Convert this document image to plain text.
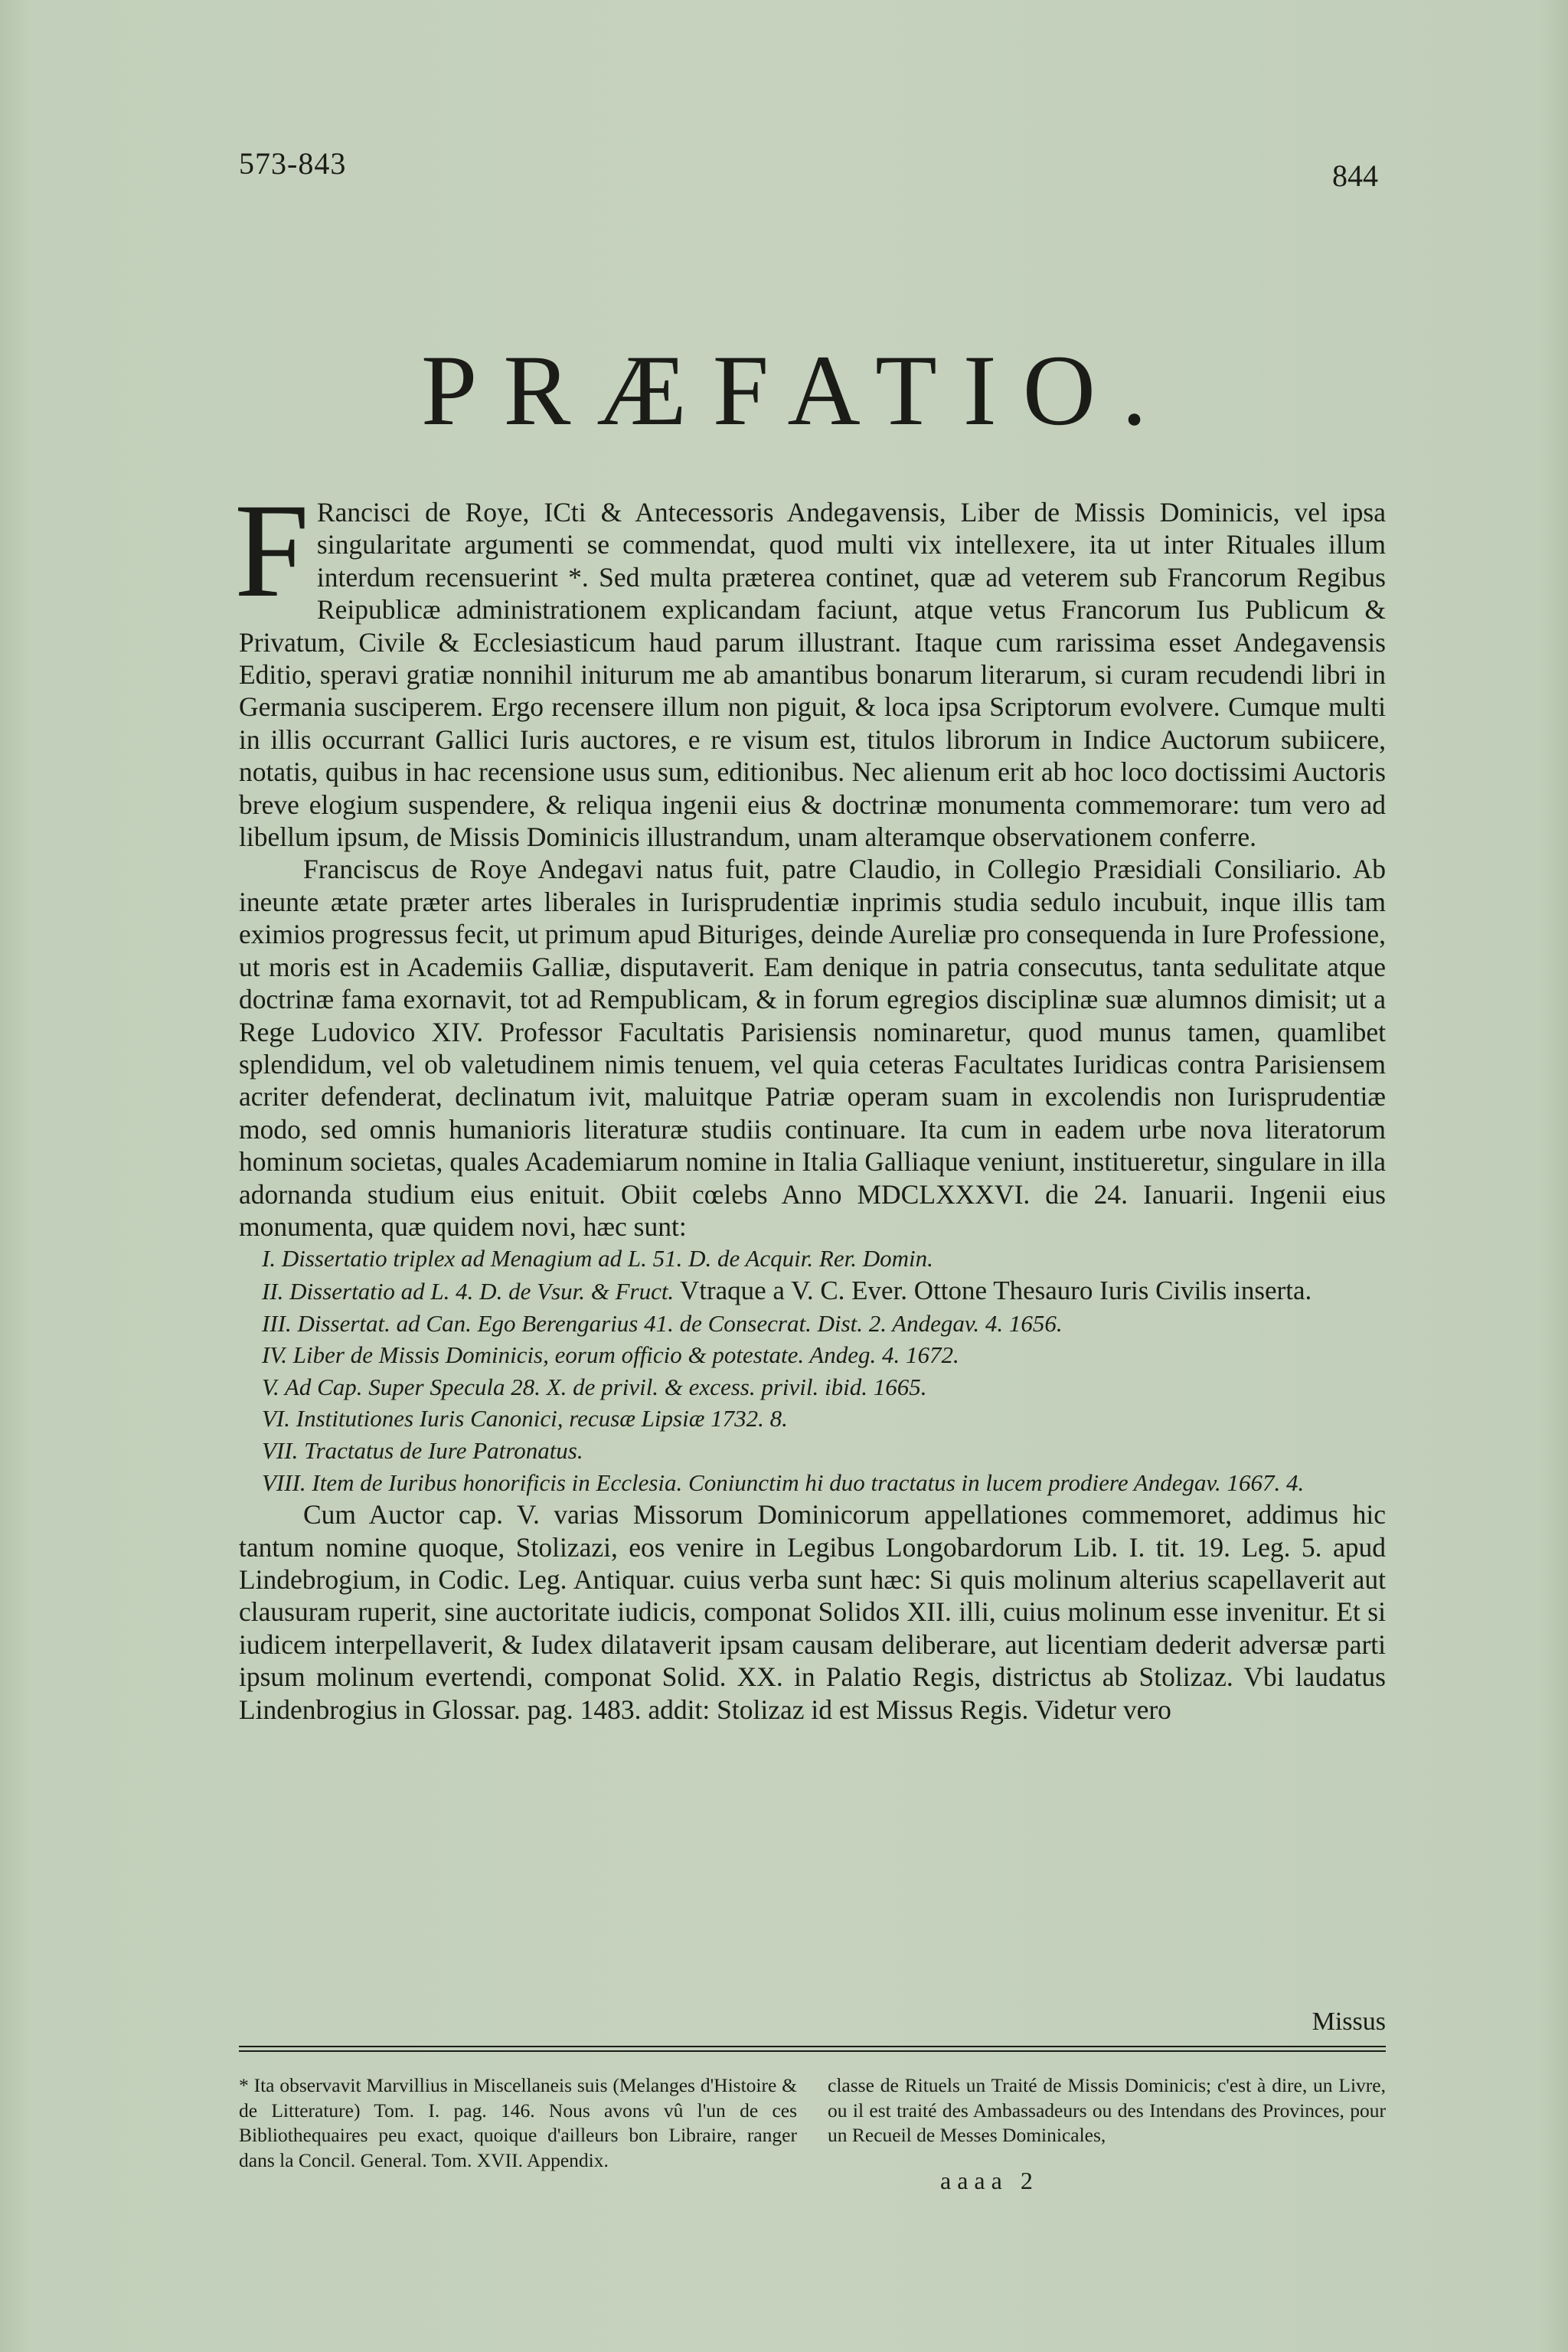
573-843	844
PRÆFATIO.

F Rancisci de Roye, ICti & Antecessoris Andegavensis, Liber de Missis Dominicis, vel ipsa singularitate argumenti se commendat, quod multi vix intellexere, ita ut inter Rituales illum interdum recensuerint *. Sed multa præterea continet, quæ ad veterem sub Francorum Regibus Reipublicæ administrationem explicandam faciunt, atque vetus Francorum Ius Publicum & Privatum, Civile & Ecclesiasticum haud parum illustrant. Itaque cum rarissima esset Andegavensis Editio, speravi gratiæ nonnihil initurum me ab amantibus bonarum literarum, si curam recudendi libri in Germania susciperem. Ergo recensere illum non piguit, & loca ipsa Scriptorum evolvere. Cumque multi in illis occurrant Gallici Iuris auctores, e re visum est, titulos librorum in Indice Auctorum subiicere, notatis, quibus in hac recensione usus sum, editionibus. Nec alienum erit ab hoc loco doctissimi Auctoris breve elogium suspendere, & reliqua ingenii eius & doctrinæ monumenta commemorare: tum vero ad libellum ipsum, de Missis Dominicis illustrandum, unam alteramque observationem conferre.

Franciscus de Roye Andegavi natus fuit, patre Claudio, in Collegio Præsidiali Consiliario. Ab ineunte ætate præter artes liberales in Iurisprudentiæ inprimis studia sedulo incubuit, inque illis tam eximios progressus fecit, ut primum apud Bituriges, deinde Aureliæ pro consequenda in Iure Professione, ut moris est in Academiis Galliæ, disputaverit. Eam denique in patria consecutus, tanta sedulitate atque doctrinæ fama exornavit, tot ad Rempublicam, & in forum egregios disciplinæ suæ alumnos dimisit; ut a Rege Ludovico XIV. Professor Facultatis Parisiensis nominaretur, quod munus tamen, quamlibet splendidum, vel ob valetudinem nimis tenuem, vel quia ceteras Facultates Iuridicas contra Parisiensem acriter defenderat, declinatum ivit, maluitque Patriæ operam suam in excolendis non Iurisprudentiæ modo, sed omnis humanioris literaturæ studiis continuare. Ita cum in eadem urbe nova literatorum hominum societas, quales Academiarum nomine in Italia Galliaque veniunt, institueretur, singulare in illa adornanda studium eius enituit. Obiit cœlebs Anno MDCLXXXVI. die 24. Ianuarii. Ingenii eius monumenta, quæ quidem novi, hæc sunt:

I. Dissertatio triplex ad Menagium ad L. 51. D. de Acquir. Rer. Domin.
II. Dissertatio ad L. 4. D. de Vsur. & Fruct. Vtraque a V. C. Ever. Ottone Thesauro Iuris Civilis inserta.
III. Dissertat. ad Can. Ego Berengarius 41. de Consecrat. Dist. 2. Andegav. 4. 1656.
IV. Liber de Missis Dominicis, eorum officio & potestate. Andeg. 4. 1672.
V. Ad Cap. Super Specula 28. X. de privil. & excess. privil. ibid. 1665.
VI. Institutiones Iuris Canonici, recusæ Lipsiæ 1732. 8.
VII. Tractatus de Iure Patronatus.
VIII. Item de Iuribus honorificis in Ecclesia. Coniunctim hi duo tractatus in lucem prodiere Andegav. 1667. 4.

Cum Auctor cap. V. varias Missorum Dominicorum appellationes commemoret, addimus hic tantum nomine quoque, Stolizazi, eos venire in Legibus Longobardorum Lib. I. tit. 19. Leg. 5. apud Lindebrogium, in Codic. Leg. Antiquar. cuius verba sunt hæc: Si quis molinum alterius scapellaverit aut clausuram ruperit, sine auctoritate iudicis, componat Solidos XII. illi, cuius molinum esse invenitur. Et si iudicem interpellaverit, & Iudex dilataverit ipsam causam deliberare, aut licentiam dederit adversæ parti ipsum molinum evertendi, componat Solid. XX. in Palatio Regis, districtus ab Stolizaz. Vbi laudatus Lindenbrogius in Glossar. pag. 1483. addit: Stolizaz id est Missus Regis. Videtur vero

Missus
* Ita observavit Marvillius in Miscellaneis suis (Melanges d'Histoire & de Litterature) Tom. I. pag. 146. Nous avons vû l'un de ces Bibliothequaires peu exact, quoique d'ailleurs bon Libraire, ranger dans la Concil. General. Tom. XVII. Appendix.
classe de Rituels un Traité de Missis Dominicis; c'est à dire, un Livre, ou il est traité des Ambassadeurs ou des Intendans des Provinces, pour un Recueil de Messes Dominicales,
aaaa 2
